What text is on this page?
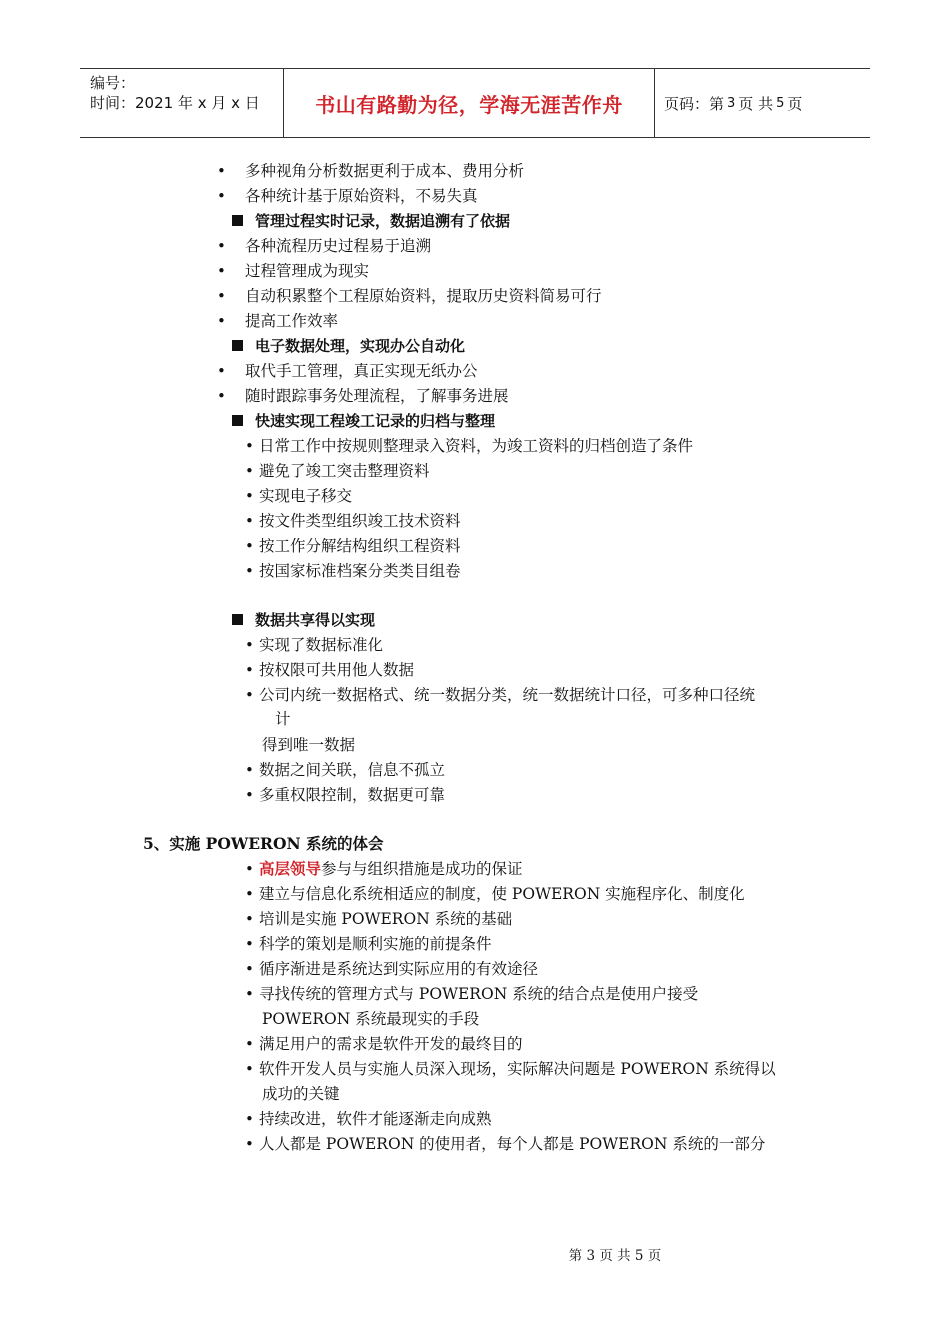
编号：
时间：2021 年 x 月 x 日	书山有路勤为径，学海无涯苦作舟	页码：第 3 页 共 5 页
• 多种视角分析数据更利于成本、费用分析
• 各种统计基于原始资料，不易失真
管理过程实时记录，数据追溯有了依据
• 各种流程历史过程易于追溯
• 过程管理成为现实
• 自动积累整个工程原始资料，提取历史资料简易可行
• 提高工作效率
电子数据处理，实现办公自动化
• 取代手工管理，真正实现无纸办公
• 随时跟踪事务处理流程，了解事务进展
快速实现工程竣工记录的归档与整理
• 日常工作中按规则整理录入资料，为竣工资料的归档创造了条件
• 避免了竣工突击整理资料
• 实现电子移交
• 按文件类型组织竣工技术资料
• 按工作分解结构组织工程资料
• 按国家标准档案分类类目组卷
数据共享得以实现
• 实现了数据标准化
• 按权限可共用他人数据
• 公司内统一数据格式、统一数据分类，统一数据统计口径，可多种口径统
计
得到唯一数据
• 数据之间关联，信息不孤立
• 多重权限控制，数据更可靠
5、实施 POWERON 系统的体会
• 高层领导参与与组织措施是成功的保证
• 建立与信息化系统相适应的制度，使 POWERON 实施程序化、制度化
• 培训是实施 POWERON 系统的基础
• 科学的策划是顺利实施的前提条件
• 循序渐进是系统达到实际应用的有效途径
• 寻找传统的管理方式与 POWERON 系统的结合点是使用户接受
POWERON 系统最现实的手段
• 满足用户的需求是软件开发的最终目的
• 软件开发人员与实施人员深入现场，实际解决问题是 POWERON 系统得以
成功的关键
• 持续改进，软件才能逐渐走向成熟
• 人人都是 POWERON 的使用者，每个人都是 POWERON 系统的一部分
第 3 页 共 5 页
